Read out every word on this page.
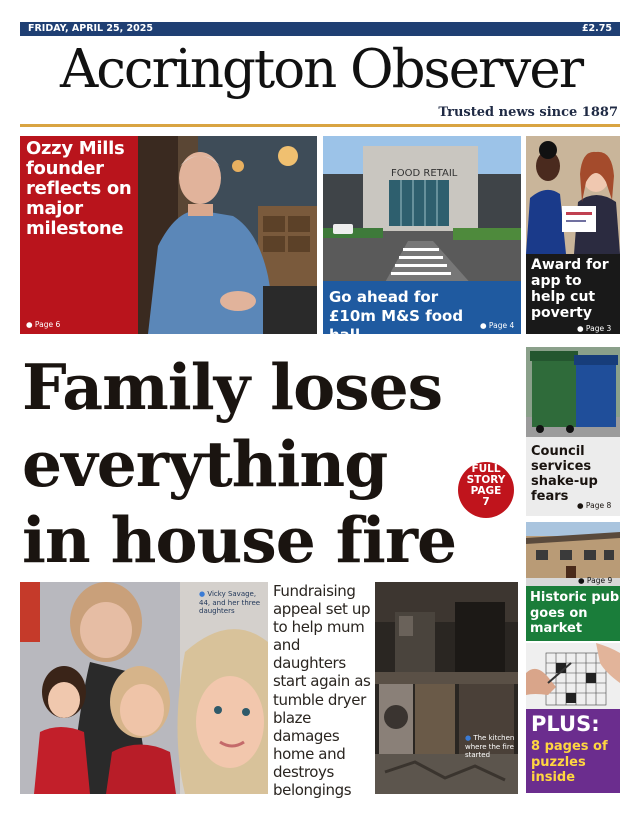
FRIDAY, APRIL 25, 2025	£2.75
Accrington Observer
Trusted news since 1887
Ozzy Mills founder reflects on major milestone
● Page 6
FOOD RETAIL
Go ahead for £10m M&S food hall
● Page 4
Award for app to help cut poverty
● Page 3
Family loses
everything
in house fire
FULL
STORY
PAGE
7
Council services shake-up fears
● Page 8
● Page 9
Historic pub goes on market
PLUS:
8 pages of puzzles inside
● Vicky Savage, 44, and her three daughters
Fundraising appeal set up to help mum and daughters start again as tumble dryer blaze damages home and destroys belongings
● The kitchen where the fire started
